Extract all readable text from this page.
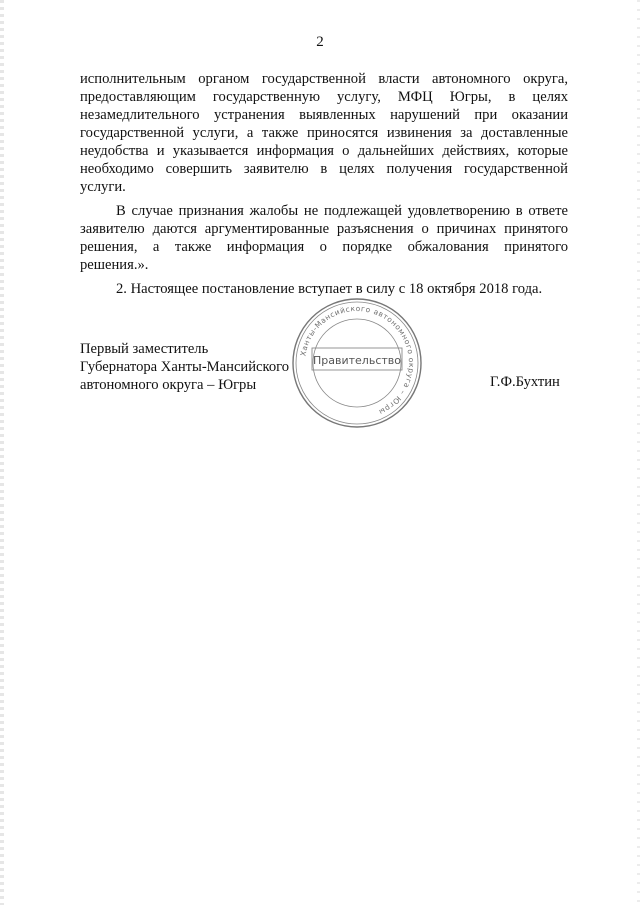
2
исполнительным органом государственной власти автономного округа,
предоставляющим государственную услугу, МФЦ Югры, в целях
незамедлительного устранения выявленных нарушений при оказании
государственной услуги, а также приносятся извинения за доставленные
неудобства и указывается информация о дальнейших действиях, которые
необходимо совершить заявителю в целях получения государственной
услуги.
В случае признания жалобы не подлежащей удовлетворению в ответе
заявителю даются аргументированные разъяснения о причинах принятого
решения, а также информация о порядке обжалования принятого
решения.».
2. Настоящее постановление вступает в силу с 18 октября 2018 года.
Первый заместитель
Губернатора Ханты-Мансийского
автономного округа – Югры	Г.Ф.Бухтин
Ханты-Мансийского автономного округа – Югры
Правительство
